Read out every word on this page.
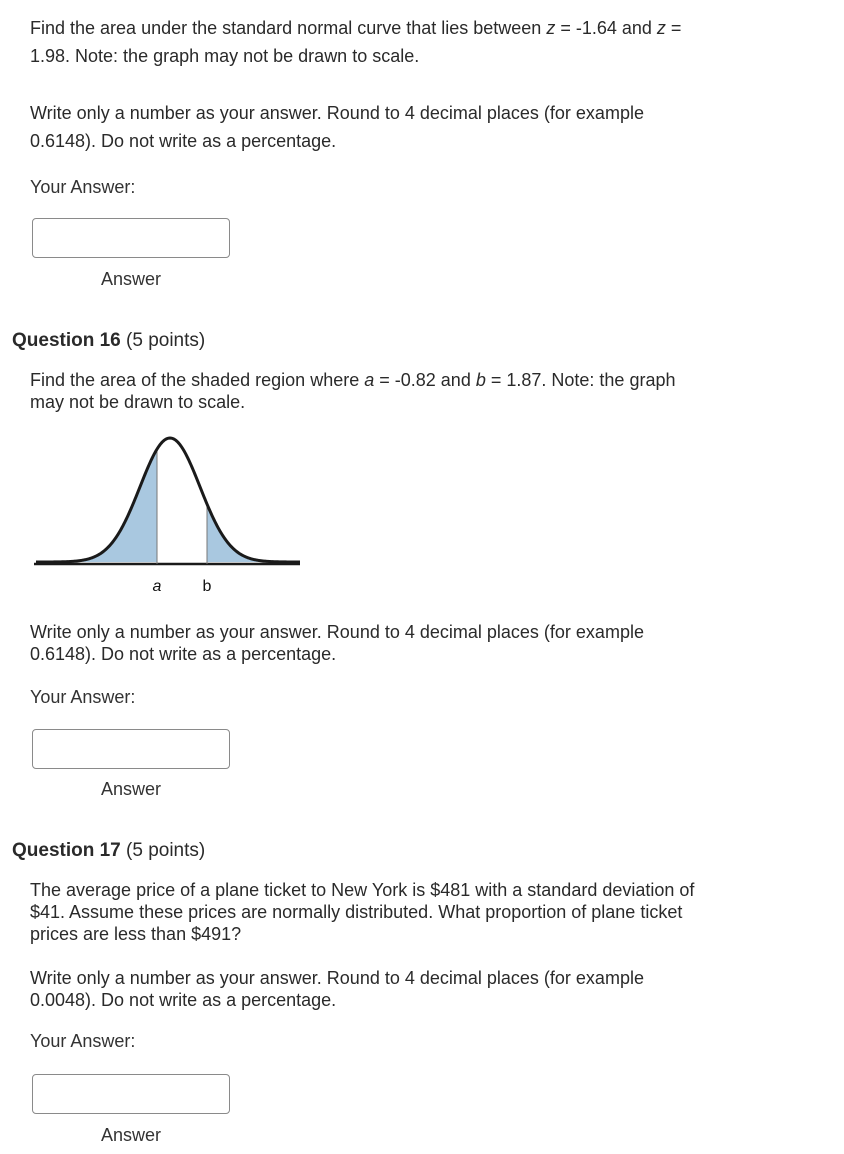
Find the area under the standard normal curve that lies between z = -1.64 and z =
1.98. Note: the graph may not be drawn to scale.
Write only a number as your answer. Round to 4 decimal places (for example
0.6148). Do not write as a percentage.
Your Answer:
Answer
Question 16 (5 points)
Find the area of the shaded region where a = -0.82 and b = 1.87. Note: the graph
may not be drawn to scale.
a	b
Write only a number as your answer. Round to 4 decimal places (for example
0.6148). Do not write as a percentage.
Your Answer:
Answer
Question 17 (5 points)
The average price of a plane ticket to New York is $481 with a standard deviation of
$41. Assume these prices are normally distributed. What proportion of plane ticket
prices are less than $491?
Write only a number as your answer. Round to 4 decimal places (for example
0.0048). Do not write as a percentage.
Your Answer:
Answer
